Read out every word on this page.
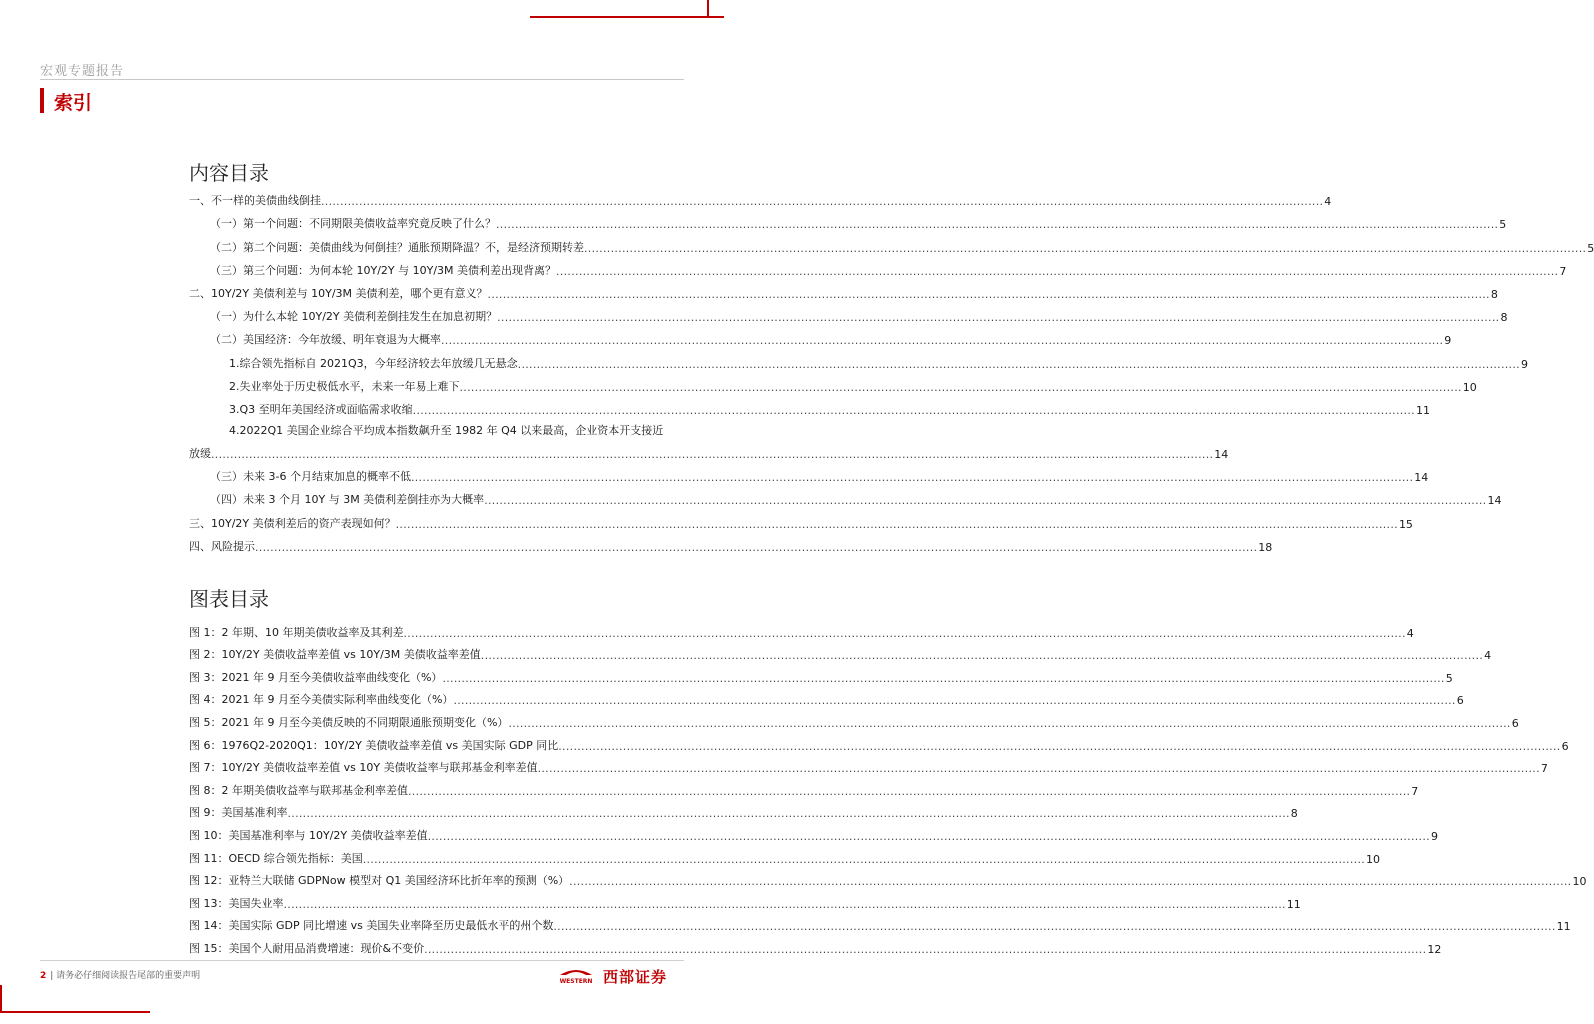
宏观专题报告
索引
内容目录
一、不一样的美债曲线倒挂 .....	4
（一）第一个问题：不同期限美债收益率究竟反映了什么？ .....	5
（二）第二个问题：美债曲线为何倒挂？通胀预期降温？不，是经济预期转差 .....	5
（三）第三个问题：为何本轮 10Y/2Y 与 10Y/3M 美债利差出现背离？ .....	7
二、10Y/2Y 美债利差与 10Y/3M 美债利差，哪个更有意义？ .....	8
（一）为什么本轮 10Y/2Y 美债利差倒挂发生在加息初期？ .....	8
（二）美国经济：今年放缓、明年衰退为大概率 .....	9
1.综合领先指标自 2021Q3，今年经济较去年放缓几无悬念 .....	9
2.失业率处于历史极低水平，未来一年易上难下 .....	10
3.Q3 至明年美国经济或面临需求收缩 .....	11
4.2022Q1 美国企业综合平均成本指数飙升至 1982 年 Q4 以来最高，企业资本开支接近
放缓 .....	14
（三）未来 3-6 个月结束加息的概率不低 .....	14
（四）未来 3 个月 10Y 与 3M 美债利差倒挂亦为大概率 .....	14
三、10Y/2Y 美债利差后的资产表现如何？ .....	15
四、风险提示 .....	18
图表目录
图 1：2 年期、10 年期美债收益率及其利差 .....	4
图 2：10Y/2Y 美债收益率差值 vs 10Y/3M 美债收益率差值 .....	4
图 3：2021 年 9 月至今美债收益率曲线变化（%） .....	5
图 4：2021 年 9 月至今美债实际利率曲线变化（%） .....	6
图 5：2021 年 9 月至今美债反映的不同期限通胀预期变化（%） .....	6
图 6：1976Q2-2020Q1：10Y/2Y 美债收益率差值 vs 美国实际 GDP 同比 .....	6
图 7：10Y/2Y 美债收益率差值 vs 10Y 美债收益率与联邦基金利率差值 .....	7
图 8：2 年期美债收益率与联邦基金利率差值 .....	7
图 9：美国基准利率 .....	8
图 10：美国基准利率与 10Y/2Y 美债收益率差值 .....	9
图 11：OECD 综合领先指标：美国 .....	10
图 12：亚特兰大联储 GDPNow 模型对 Q1 美国经济环比折年率的预测（%） .....	10
图 13：美国失业率 .....	11
图 14：美国实际 GDP 同比增速 vs 美国失业率降至历史最低水平的州个数 .....	11
图 15：美国个人耐用品消费增速：现价&不变价 .....	12
2 | 请务必仔细阅读报告尾部的重要声明
WESTERN 西部证券
